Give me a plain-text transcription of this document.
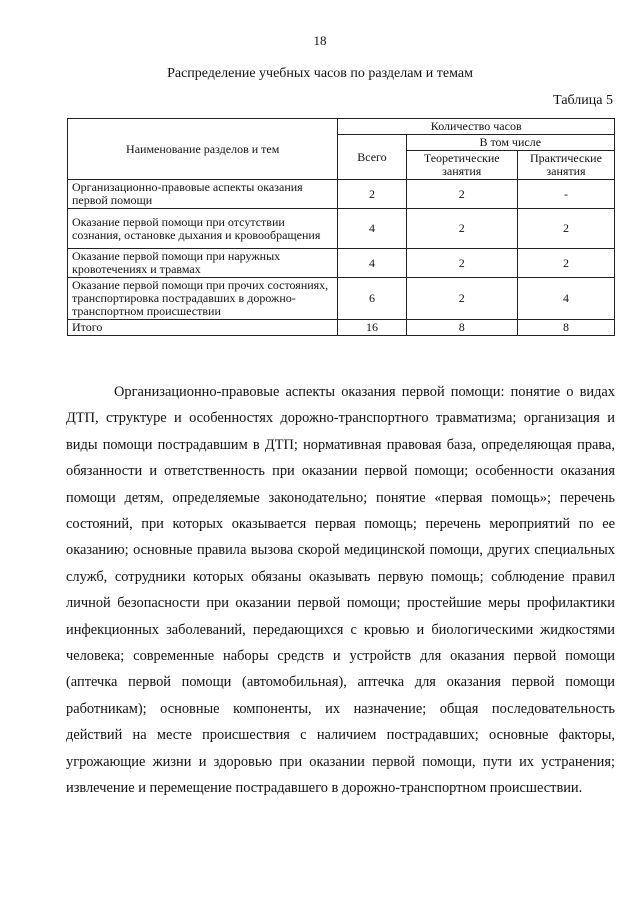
18
Распределение учебных часов по разделам и темам
Таблица 5
Наименование разделов и тем	Количество часов		
	Всего	В том числе	
		Теоретические занятия	Практические занятия
Организационно-правовые аспекты оказания первой помощи	2	2	-
Оказание первой помощи при отсутствии сознания, остановке дыхания и кровообращения	4	2	2
Оказание первой помощи при наружных кровотечениях и травмах	4	2	2
Оказание первой помощи при прочих состояниях, транспортировка пострадавших в дорожно-транспортном происшествии	6	2	4
Итого	16	8	8

Организационно-правовые аспекты оказания первой помощи: понятие о видах ДТП, структуре и особенностях дорожно-транспортного травматизма; организация и виды помощи пострадавшим в ДТП; нормативная правовая база, определяющая права, обязанности и ответственность при оказании первой помощи; особенности оказания помощи детям, определяемые законодательно; понятие «первая помощь»; перечень состояний, при которых оказывается первая помощь; перечень мероприятий по ее оказанию; основные правила вызова скорой медицинской помощи, других специальных служб, сотрудники которых обязаны оказывать первую помощь; соблюдение правил личной безопасности при оказании первой помощи; простейшие меры профилактики инфекционных заболеваний, передающихся с кровью и биологическими жидкостями человека; современные наборы средств и устройств для оказания первой помощи (аптечка первой помощи (автомобильная), аптечка для оказания первой помощи работникам); основные компоненты, их назначение; общая последовательность действий на месте происшествия с наличием пострадавших; основные факторы, угрожающие жизни и здоровью при оказании первой помощи, пути их устранения; извлечение и перемещение пострадавшего в дорожно-транспортном происшествии.
